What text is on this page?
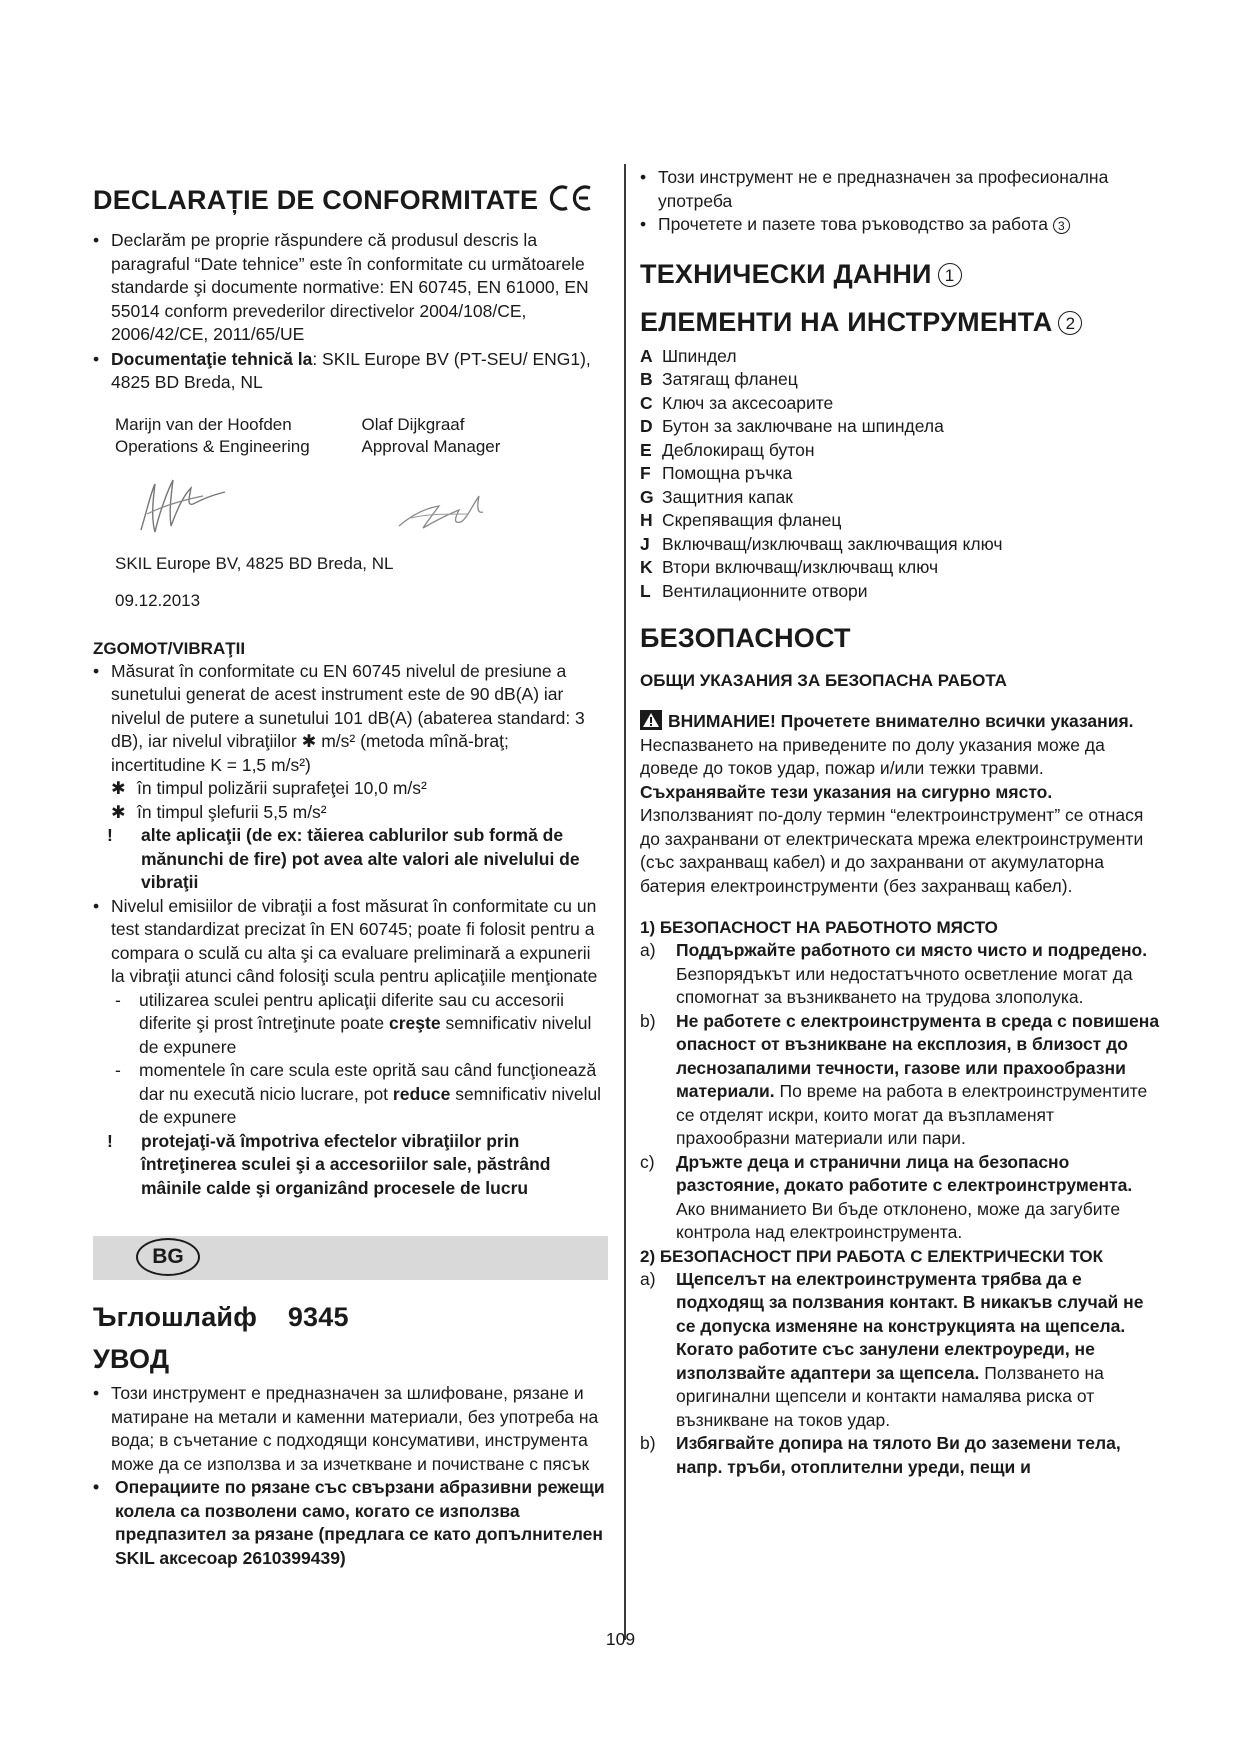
DECLARAȚIE DE CONFORMITATE

• Declarăm pe proprie răspundere că produsul descris la paragraful “Date tehnice” este în conformitate cu următoarele standarde şi documente normative: EN 60745, EN 61000, EN 55014 conform prevederilor directivelor 2004/108/CE, 2006/42/CE, 2011/65/UE

• Documentaţie tehnică la: SKIL Europe BV (PT-SEU/ ENG1), 4825 BD Breda, NL

Marijn van der Hoofden	Olaf Dijkgraaf
Operations & Engineering	Approval Manager

SKIL Europe BV, 4825 BD Breda, NL

09.12.2013

ZGOMOT/VIBRAŢII

• Măsurat în conformitate cu EN 60745 nivelul de presiune a sunetului generat de acest instrument este de 90 dB(A) iar nivelul de putere a sunetului 101 dB(A) (abaterea standard: 3 dB), iar nivelul vibraţiilor ✱ m/s² (metoda mînă-braţ; incertitudine K = 1,5 m/s²)

✱ în timpul polizării suprafeţei 10,0 m/s²

✱ în timpul şlefurii 5,5 m/s²

! alte aplicaţii (de ex: tăierea cablurilor sub formă de mănunchi de fire) pot avea alte valori ale nivelului de vibraţii

• Nivelul emisiilor de vibraţii a fost măsurat în conformitate cu un test standardizat precizat în EN 60745; poate fi folosit pentru a compara o sculă cu alta şi ca evaluare preliminară a expunerii la vibraţii atunci când folosiţi scula pentru aplicaţiile menţionate

- utilizarea sculei pentru aplicaţii diferite sau cu accesorii diferite şi prost întreţinute poate creşte semnificativ nivelul de expunere

- momentele în care scula este oprită sau când funcţionează dar nu execută nicio lucrare, pot reduce semnificativ nivelul de expunere

! protejaţi-vă împotriva efectelor vibraţiilor prin întreţinerea sculei şi a accesoriilor sale, păstrând mâinile calde şi organizând procesele de lucru

BG
Ъглошлайф    9345
УВОД

• Този инструмент е предназначен за шлифоване, рязане и матиране на метали и каменни материали, без употреба на вода; в съчетание с подходящи консумативи, инструмента може да се използва и за изчеткване и почистване с пясък

• Операциите по рязане със свързани абразивни режещи колела са позволени само, когато се използва предпазител за рязане (предлага се като допълнителен SKIL аксесоар 2610399439)

• Този инструмент не е предназначен за професионална употреба

• Прочетете и пазете това ръководство за работа 3

ТЕХНИЧЕСКИ ДАННИ 1
ЕЛЕМЕНТИ НА ИНСТРУМЕНТА 2
A Шпиндел
B Затягащ фланец
C Ключ за аксесоарите
D Бутон за заключване на шпиндела
E Деблокиращ бутон
F Помощна ръчка
G Защитния капак
H Скрепяващия фланец
J Включващ/изключващ заключващия ключ
K Втори включващ/изключващ ключ
L Вентилационните отвори
БЕЗОПАСНОСТ
ОБЩИ УКАЗАНИЯ ЗА БЕЗОПАСНА РАБОТА

ВНИМАНИЕ! Прочетете внимателно всички указания. Неспазването на приведените по долу указания може да доведе до токов удар, пожар и/или тежки травми. Съхранявайте тези указания на сигурно място. Използваният по-долу термин “електроинструмент” се отнася до захранвани от електрическата мрежа електроинструменти (със захранващ кабел) и до захранвани от акумулаторна батерия електроинструменти (без захранващ кабел).

1) БЕЗОПАСНОСТ НА РАБОТНОТО МЯСТО

a) Поддържайте работното си място чисто и подредено. Безпорядъкът или недостатъчното осветление могат да спомогнат за възникването на трудова злополука.

b) Не работете с електроинструмента в среда с повишена опасност от възникване на експлозия, в близост до леснозапалими течности, газове или прахообразни материали. По време на работа в електроинструментите се отделят искри, които могат да възпламенят прахообразни материали или пари.

c) Дръжте деца и странични лица на безопасно разстояние, докато работите с електроинструмента. Ако вниманието Ви бъде отклонено, може да загубите контрола над електроинструмента.

2) БЕЗОПАСНОСТ ПРИ РАБОТА С ЕЛЕКТРИЧЕСКИ ТОК

a) Щепселът на електроинструмента трябва да е подходящ за ползвания контакт. В никакъв случай не се допуска изменяне на конструкцията на щепсела. Когато работите със занулени електроуреди, не използвайте адаптери за щепсела. Ползването на оригинални щепсели и контакти намалява риска от възникване на токов удар.

b) Избягвайте допира на тялото Ви до заземени тела, напр. тръби, отоплителни уреди, пещи и

109
